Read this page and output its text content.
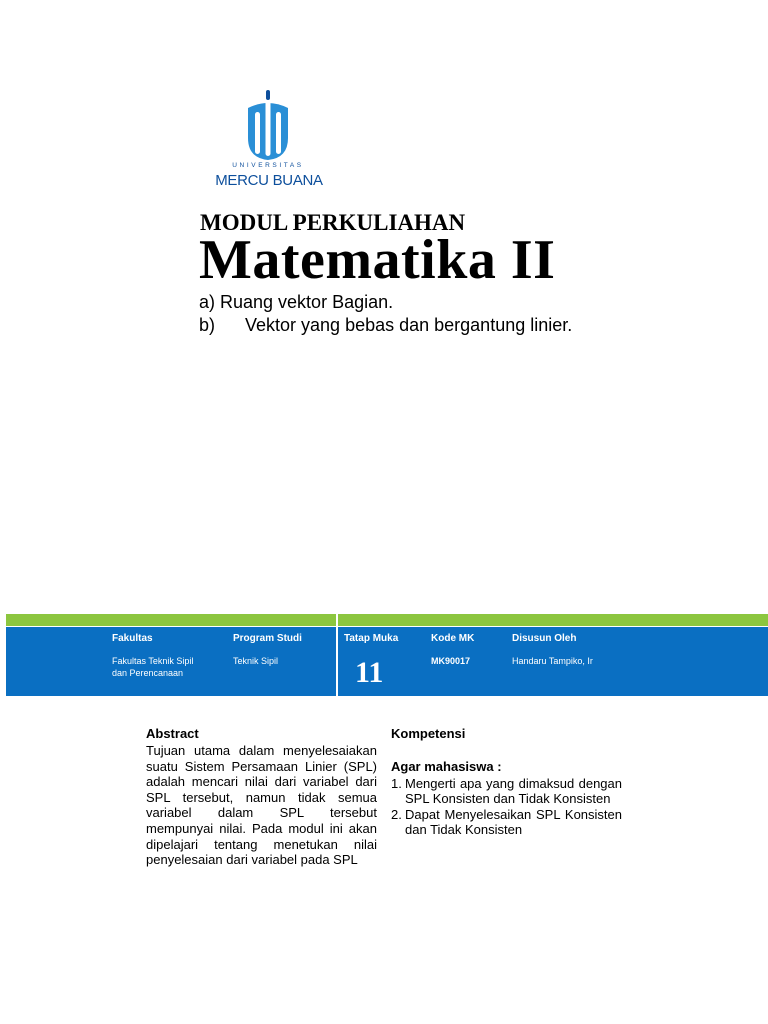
UNIVERSITAS
MERCU BUANA
MODUL PERKULIAHAN
Matematika II
a) Ruang vektor Bagian.
b) Vektor yang bebas dan bergantung linier.
Fakultas
Fakultas Teknik Sipil
dan Perencanaan
Program Studi
Teknik Sipil
Tatap Muka
11
Kode MK
MK90017
Disusun Oleh
Handaru Tampiko, Ir
Abstract
Tujuan utama dalam menyelesaiakan suatu Sistem Persamaan Linier (SPL) adalah mencari nilai dari variabel dari SPL tersebut, namun tidak semua variabel dalam SPL tersebut mempunyai nilai. Pada modul ini akan dipelajari tentang menetukan nilai penyelesaian dari variabel pada SPL
Kompetensi
Agar mahasiswa :
1. Mengerti apa yang dimaksud dengan SPL Konsisten dan Tidak Konsisten
2. Dapat Menyelesaikan SPL Konsisten dan Tidak Konsisten
